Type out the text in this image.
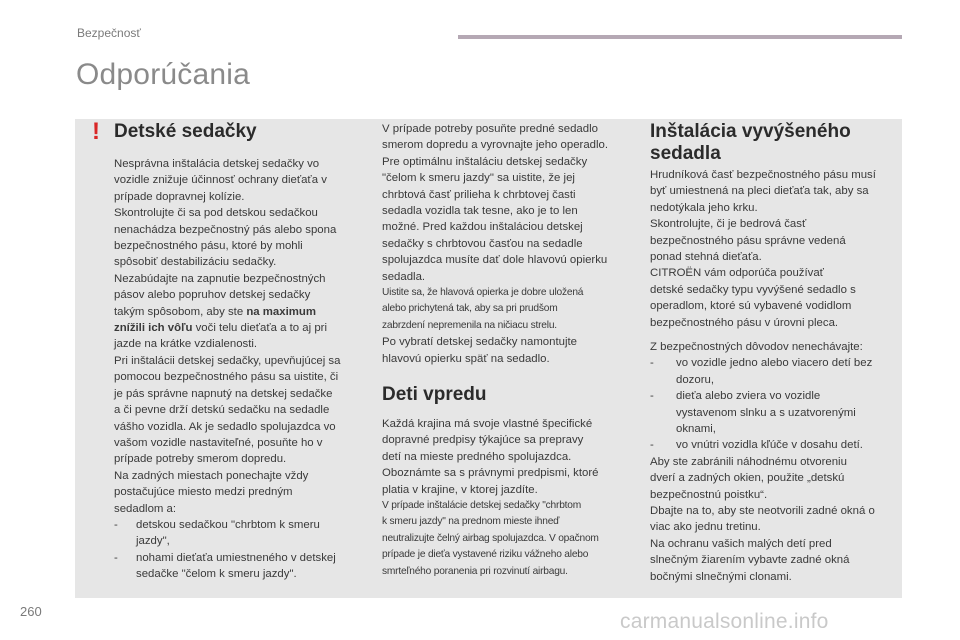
Bezpečnosť
Odporúčania
! Detské sedačky
Nesprávna inštalácia detskej sedačky vo
vozidle znižuje účinnosť ochrany dieťaťa v
prípade dopravnej kolízie.
Skontrolujte či sa pod detskou sedačkou
nenachádza bezpečnostný pás alebo spona
bezpečnostného pásu, ktoré by mohli
spôsobiť destabilizáciu sedačky.
Nezabúdajte na zapnutie bezpečnostných
pásov alebo popruhov detskej sedačky
takým spôsobom, aby ste na maximum
znížili ich vôľu voči telu dieťaťa a to aj pri
jazde na krátke vzdialenosti.
Pri inštalácii detskej sedačky, upevňujúcej sa
pomocou bezpečnostného pásu sa uistite, či
je pás správne napnutý na detskej sedačke
a či pevne drží detskú sedačku na sedadle
vášho vozidla. Ak je sedadlo spolujazdca vo
vašom vozidle nastaviteľné, posuňte ho v
prípade potreby smerom dopredu.
Na zadných miestach ponechajte vždy
postačujúce miesto medzi predným
sedadlom a:
-	detskou sedačkou "chrbtom k smeru
jazdy",
-	nohami dieťaťa umiestneného v detskej
sedačke "čelom k smeru jazdy".
V prípade potreby posuňte predné sedadlo
smerom dopredu a vyrovnajte jeho operadlo.
Pre optimálnu inštaláciu detskej sedačky
"čelom k smeru jazdy" sa uistite, že jej
chrbtová časť prilieha k chrbtovej časti
sedadla vozidla tak tesne, ako je to len
možné. Pred každou inštaláciou detskej
sedačky s chrbtovou časťou na sedadle
spolujazdca musíte dať dole hlavovú opierku
sedadla.
Uistite sa, že hlavová opierka je dobre uložená
alebo prichytená tak, aby sa pri prudšom
zabrzdení nepremenila na ničiacu strelu.
Po vybratí detskej sedačky namontujte
hlavovú opierku späť na sedadlo.
Deti vpredu
Každá krajina má svoje vlastné špecifické
dopravné predpisy týkajúce sa prepravy
detí na mieste predného spolujazdca.
Oboznámte sa s právnymi predpismi, ktoré
platia v krajine, v ktorej jazdíte.
V prípade inštalácie detskej sedačky "chrbtom
k smeru jazdy" na prednom mieste ihneď
neutralizujte čelný airbag spolujazdca. V opačnom
prípade je dieťa vystavené riziku vážneho alebo
smrteľného poranenia pri rozvinutí airbagu.
Inštalácia vyvýšeného
sedadla
Hrudníková časť bezpečnostného pásu musí
byť umiestnená na pleci dieťaťa tak, aby sa
nedotýkala jeho krku.
Skontrolujte, či je bedrová časť
bezpečnostného pásu správne vedená
ponad stehná dieťaťa.
CITROËN vám odporúča používať
detské sedačky typu vyvýšené sedadlo s
operadlom, ktoré sú vybavené vodidlom
bezpečnostného pásu v úrovni pleca.
Z bezpečnostných dôvodov nenechávajte:
-	vo vozidle jedno alebo viacero detí bez
dozoru,
-	dieťa alebo zviera vo vozidle
vystavenom slnku a s uzatvorenými
oknami,
-	vo vnútri vozidla kľúče v dosahu detí.
Aby ste zabránili náhodnému otvoreniu
dverí a zadných okien, použite „detskú
bezpečnostnú poistku“.
Dbajte na to, aby ste neotvorili zadné okná o
viac ako jednu tretinu.
Na ochranu vašich malých detí pred
slnečným žiarením vybavte zadné okná
bočnými slnečnými clonami.
260	carmanualsonline.info
